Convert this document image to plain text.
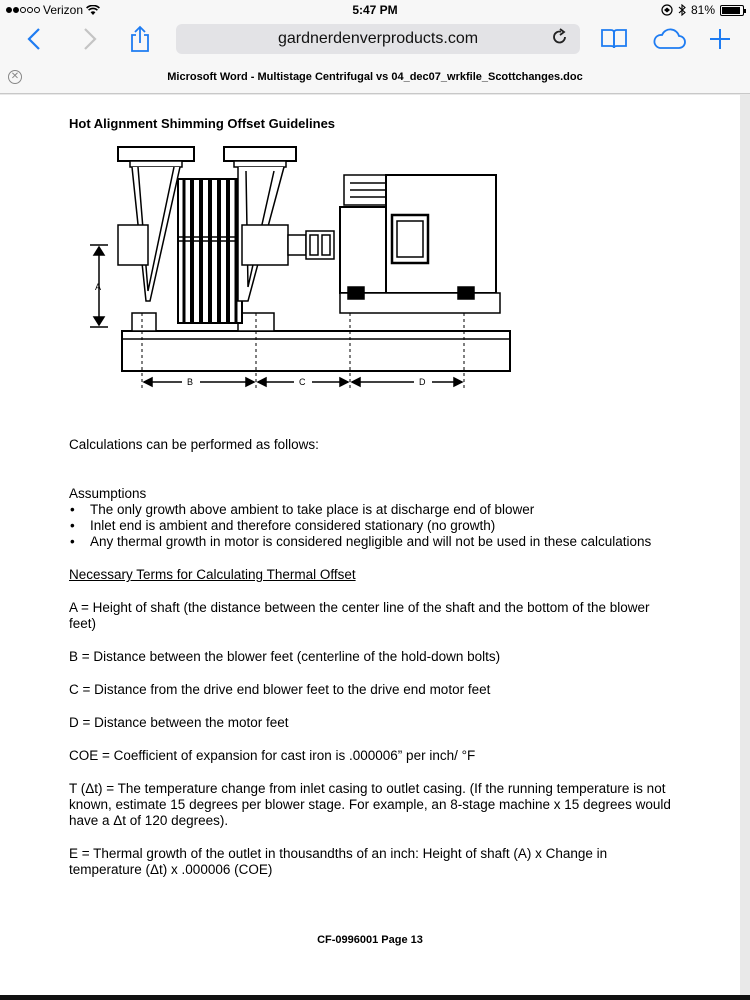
Verizon	5:47 PM	81%
gardnerdenverproducts.com
✕	Microsoft Word - Multistage Centrifugal vs 04_dec07_wrkfile_Scottchanges.doc
Hot Alignment Shimming Offset Guidelines
A
B	C	D

Calculations can be performed as follows:

Assumptions

• The only growth above ambient to take place is at discharge end of blower
• Inlet end is ambient and therefore considered stationary (no growth)
• Any thermal growth in motor is considered negligible and will not be used in these calculations

Necessary Terms for Calculating Thermal Offset

A = Height of shaft (the distance between the center line of the shaft and the bottom of the blower feet)

B = Distance between the blower feet (centerline of the hold-down bolts)

C = Distance from the drive end blower feet to the drive end motor feet

D = Distance between the motor feet

COE = Coefficient of expansion for cast iron is .000006” per inch/ °F

T (Δt) = The temperature change from inlet casing to outlet casing. (If the running temperature is not known, estimate 15 degrees per blower stage. For example, an 8-stage machine x 15 degrees would have a Δt of 120 degrees).

E = Thermal growth of the outlet in thousandths of an inch: Height of shaft (A) x Change in temperature (Δt) x .000006 (COE)

CF-0996001 Page 13
